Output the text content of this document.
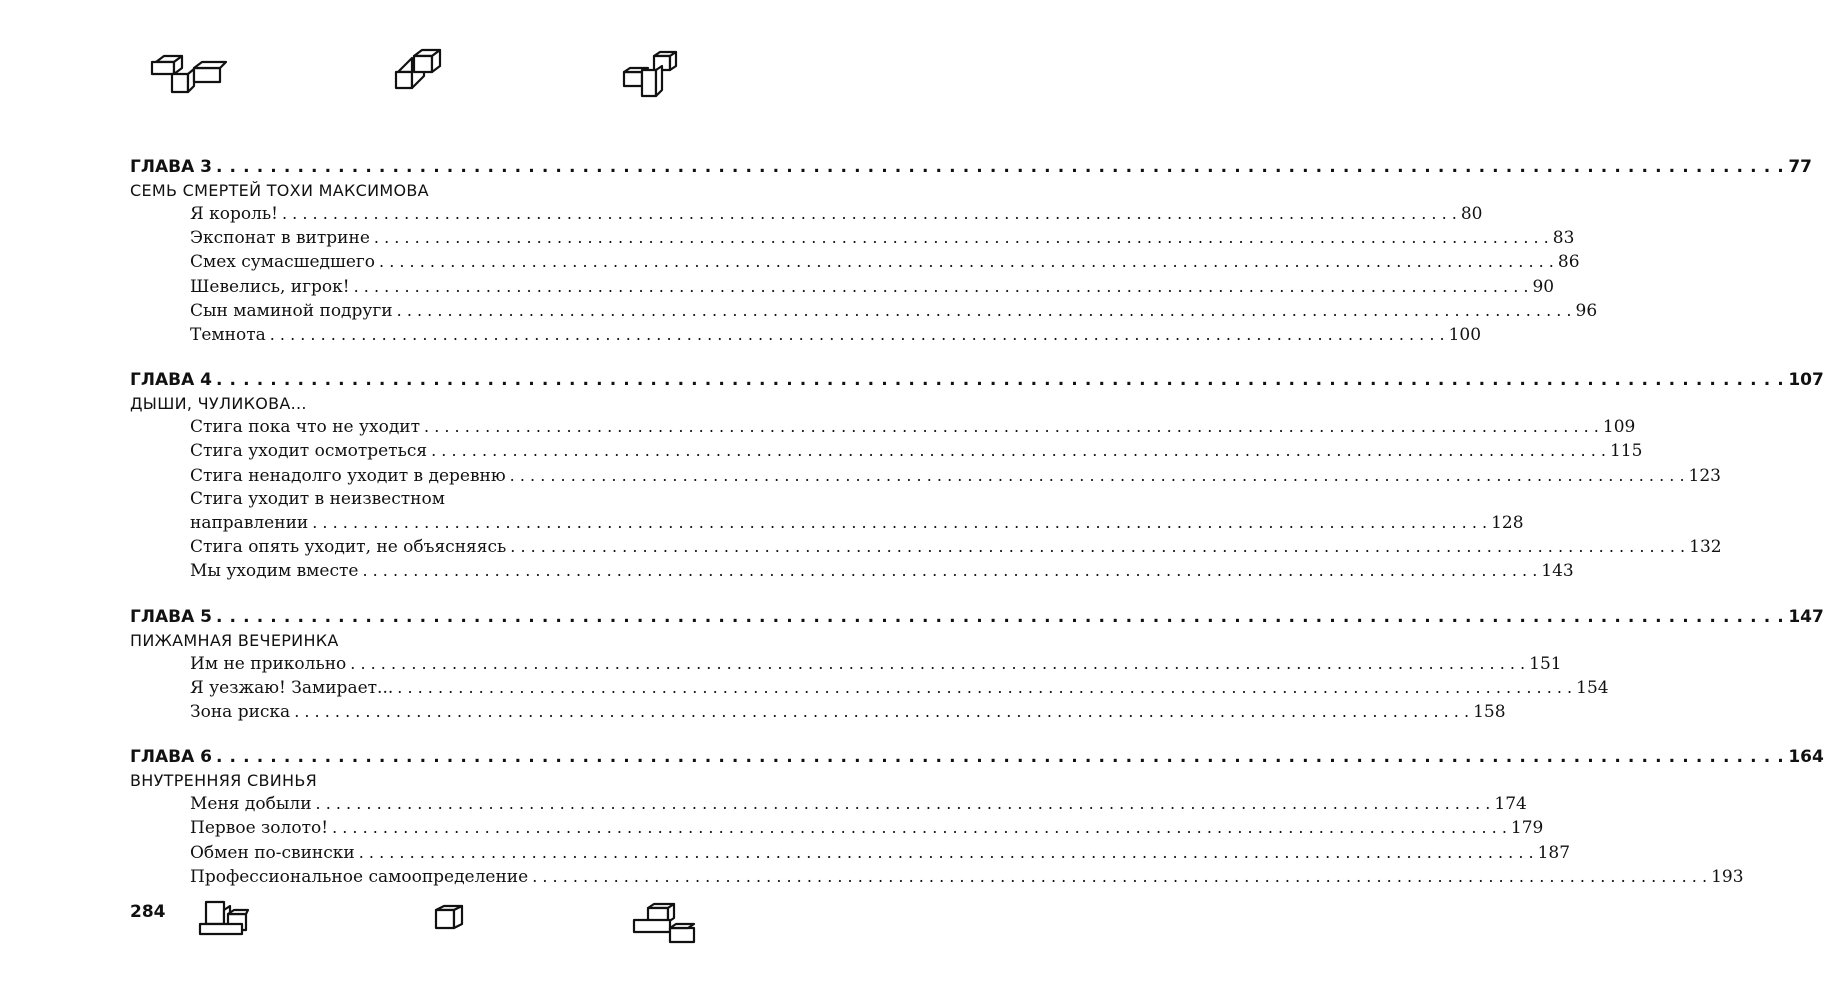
ГЛАВА 3 . . .	77
СЕМЬ СМЕРТЕЙ ТОХИ МАКСИМОВА
Я король! . . .	80
Экспонат в витрине . . .	83
Смех сумасшедшего . . .	86
Шевелись, игрок! . . .	90
Сын маминой подруги . . .	96
Темнота . . .	100
ГЛАВА 4 . . .	107
ДЫШИ, ЧУЛИКОВА...
Стига пока что не уходит . . .	109
Стига уходит осмотреться . . .	115
Стига ненадолго уходит в деревню . . .	123
Стига уходит в неизвестном
направлении . . .	128
Стига опять уходит, не объясняясь . . .	132
Мы уходим вместе . . .	143
ГЛАВА 5 . . .	147
ПИЖАМНАЯ ВЕЧЕРИНКА
Им не прикольно . . .	151
Я уезжаю! Замирает... . . .	154
Зона риска . . .	158
ГЛАВА 6 . . .	164
ВНУТРЕННЯЯ СВИНЬЯ
Меня добыли . . .	174
Первое золото! . . .	179
Обмен по-свински . . .	187
Профессиональное самоопределение . . .	193
284
